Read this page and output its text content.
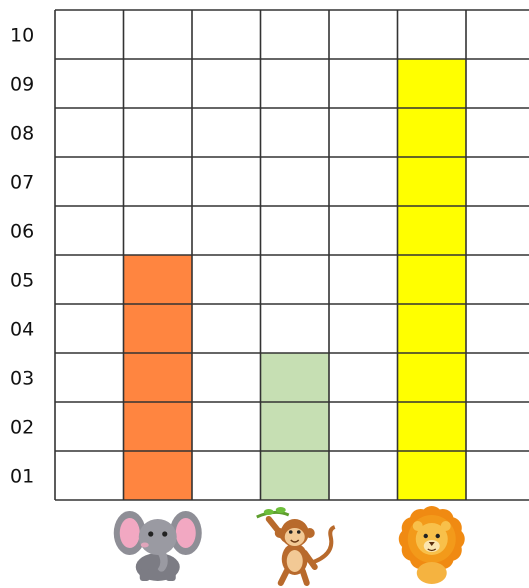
01
02
03
04
05
06
07
08
09
10
